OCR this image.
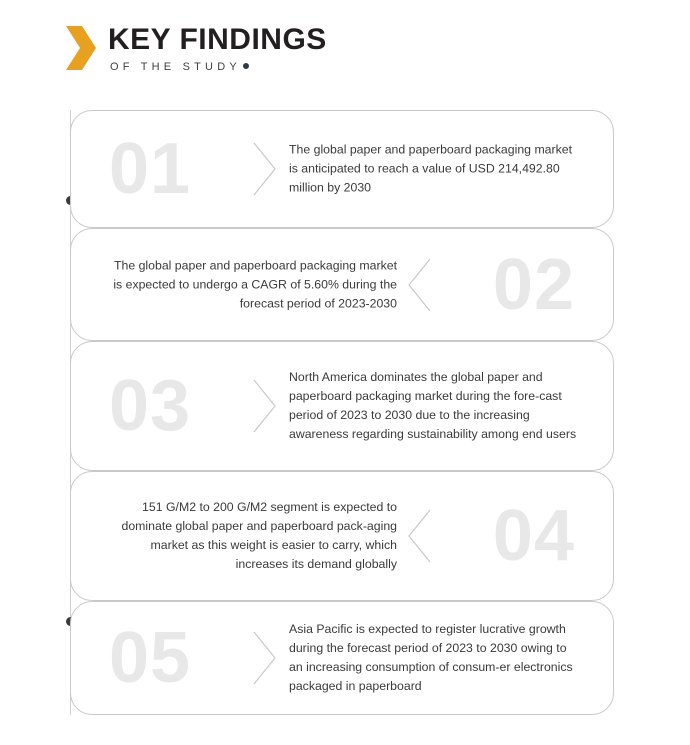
KEY FINDINGS
OF THE STUDY
01	The global paper and paperboard packaging market is anticipated to reach a value of USD 214,492.80 million by 2030
02
The global paper and paperboard packaging market is expected to undergo a CAGR of 5.60% during the forecast period of 2023-2030
03	North America dominates the global paper and paperboard packaging market during the fore-cast period of 2023 to 2030 due to the increasing awareness regarding sustainability among end users
04
151 G/M2 to 200 G/M2 segment is expected to dominate global paper and paperboard pack-aging market as this weight is easier to carry, which increases its demand globally
05	Asia Pacific is expected to register lucrative growth during the forecast period of 2023 to 2030 owing to an increasing consumption of consum-er electronics packaged in paperboard
